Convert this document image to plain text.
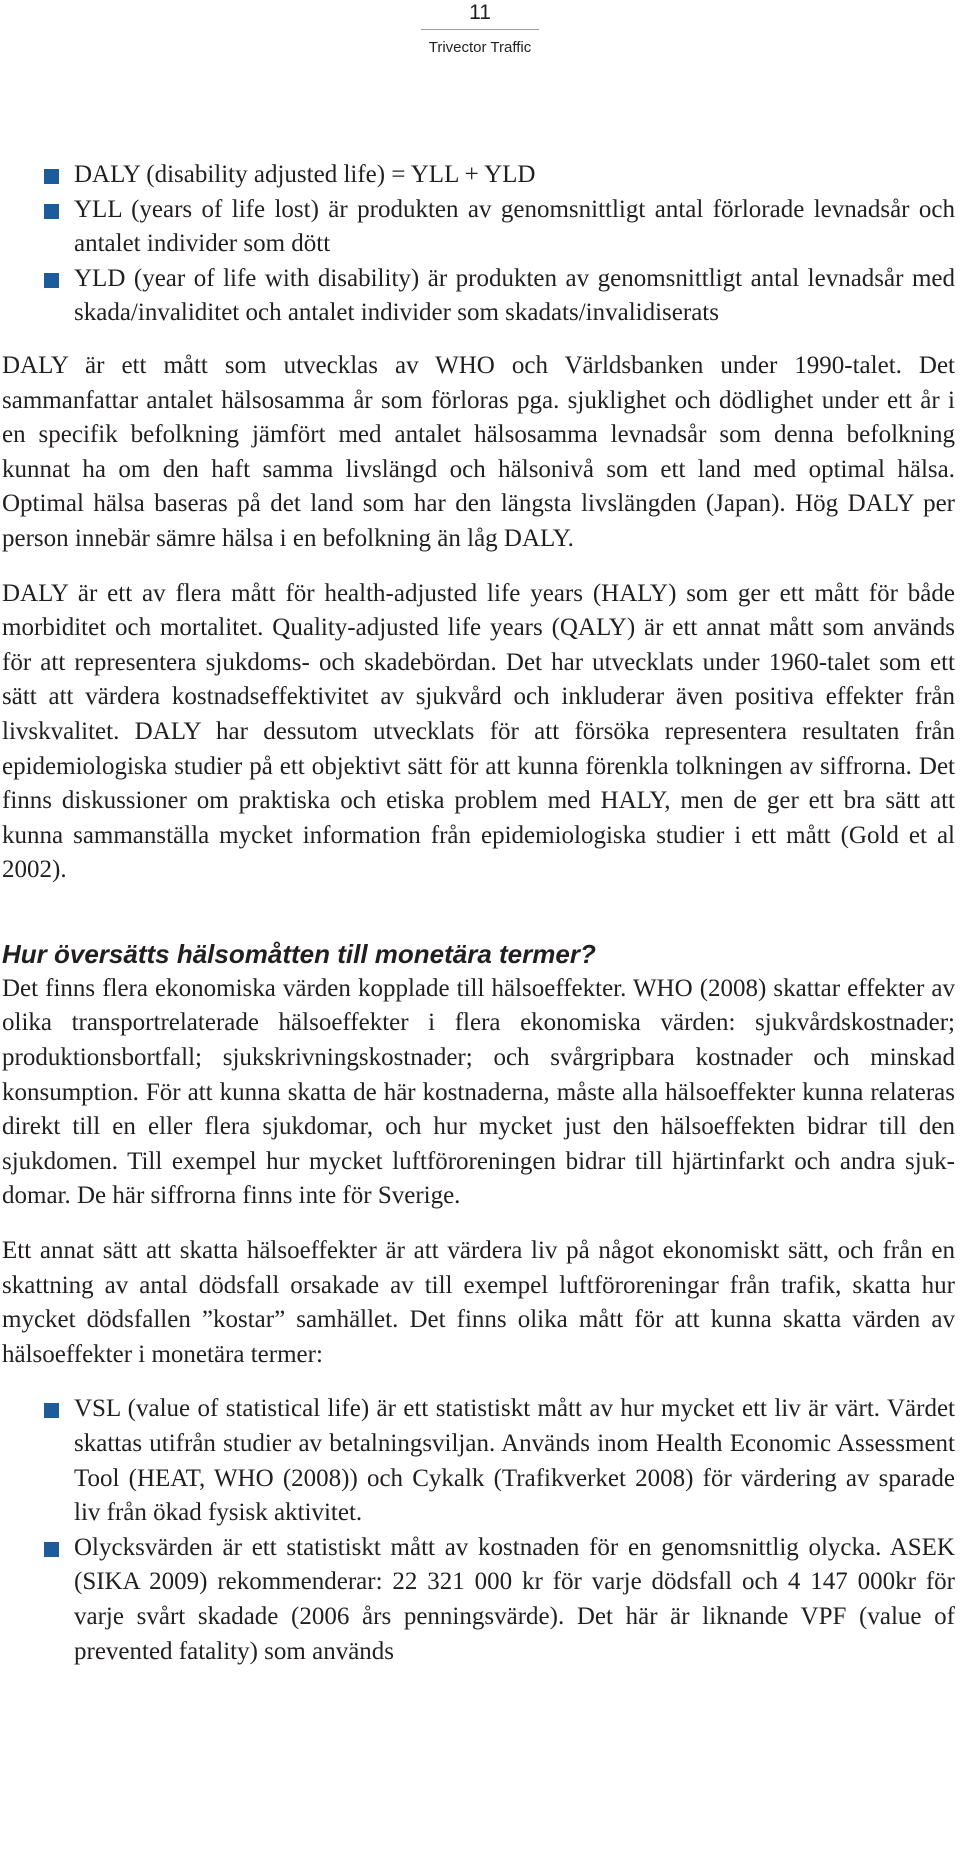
11
Trivector Traffic
DALY (disability adjusted life) = YLL + YLD
YLL (years of life lost) är produkten av genomsnittligt antal förlorade levnadsår och antalet individer som dött
YLD (year of life with disability) är produkten av genomsnittligt antal levnadsår med skada/invaliditet och antalet individer som skadats/invalidiserats

DALY är ett mått som utvecklas av WHO och Världsbanken under 1990-talet. Det sammanfattar antalet hälsosamma år som förloras pga. sjuklighet och dödlighet under ett år i en specifik befolkning jämfört med antalet hälsosamma levnadsår som denna befolkning kunnat ha om den haft samma livslängd och hälsonivå som ett land med optimal hälsa. Optimal hälsa baseras på det land som har den längsta livslängden (Japan). Hög DALY per person innebär sämre hälsa i en befolkning än låg DALY.

DALY är ett av flera mått för health-adjusted life years (HALY) som ger ett mått för både morbiditet och mortalitet. Quality-adjusted life years (QALY) är ett annat mått som används för att representera sjukdoms- och skadebördan. Det har utvecklats under 1960-talet som ett sätt att värdera kostnadseffektivitet av sjukvård och inkluderar även positiva effekter från livskvalitet. DALY har dessutom utvecklats för att försöka representera resultaten från epidemiologiska studier på ett objektivt sätt för att kunna förenkla tolkningen av siffrorna. Det finns diskussioner om praktiska och etiska problem med HALY, men de ger ett bra sätt att kunna sammanställa mycket information från epidemiologiska studier i ett mått (Gold et al 2002).

Hur översätts hälsomåtten till monetära termer?

Det finns flera ekonomiska värden kopplade till hälsoeffekter. WHO (2008) skattar effekter av olika transportrelaterade hälsoeffekter i flera ekonomiska värden: sjukvårdskostnader; produktionsbortfall; sjukskrivningskostnader; och svårgripbara kostnader och minskad konsumption. För att kunna skatta de här kostnaderna, måste alla hälsoeffekter kunna relateras direkt till en eller flera sjukdomar, och hur mycket just den hälsoeffekten bidrar till den sjukdomen. Till exempel hur mycket luftföroreningen bidrar till hjärtinfarkt och andra sjukdomar. De här siffrorna finns inte för Sverige.

Ett annat sätt att skatta hälsoeffekter är att värdera liv på något ekonomiskt sätt, och från en skattning av antal dödsfall orsakade av till exempel luftföroreningar från trafik, skatta hur mycket dödsfallen ”kostar” samhället. Det finns olika mått för att kunna skatta värden av hälsoeffekter i monetära termer:

VSL (value of statistical life) är ett statistiskt mått av hur mycket ett liv är värt. Värdet skattas utifrån studier av betalningsviljan. Används inom Health Economic Assessment Tool (HEAT, WHO (2008)) och Cykalk (Trafikverket 2008) för värdering av sparade liv från ökad fysisk aktivitet.
Olycksvärden är ett statistiskt mått av kostnaden för en genomsnittlig olycka. ASEK (SIKA 2009) rekommenderar: 22 321 000 kr för varje dödsfall och 4 147 000kr för varje svårt skadade (2006 års penningsvärde). Det här är liknande VPF (value of prevented fatality) som används
